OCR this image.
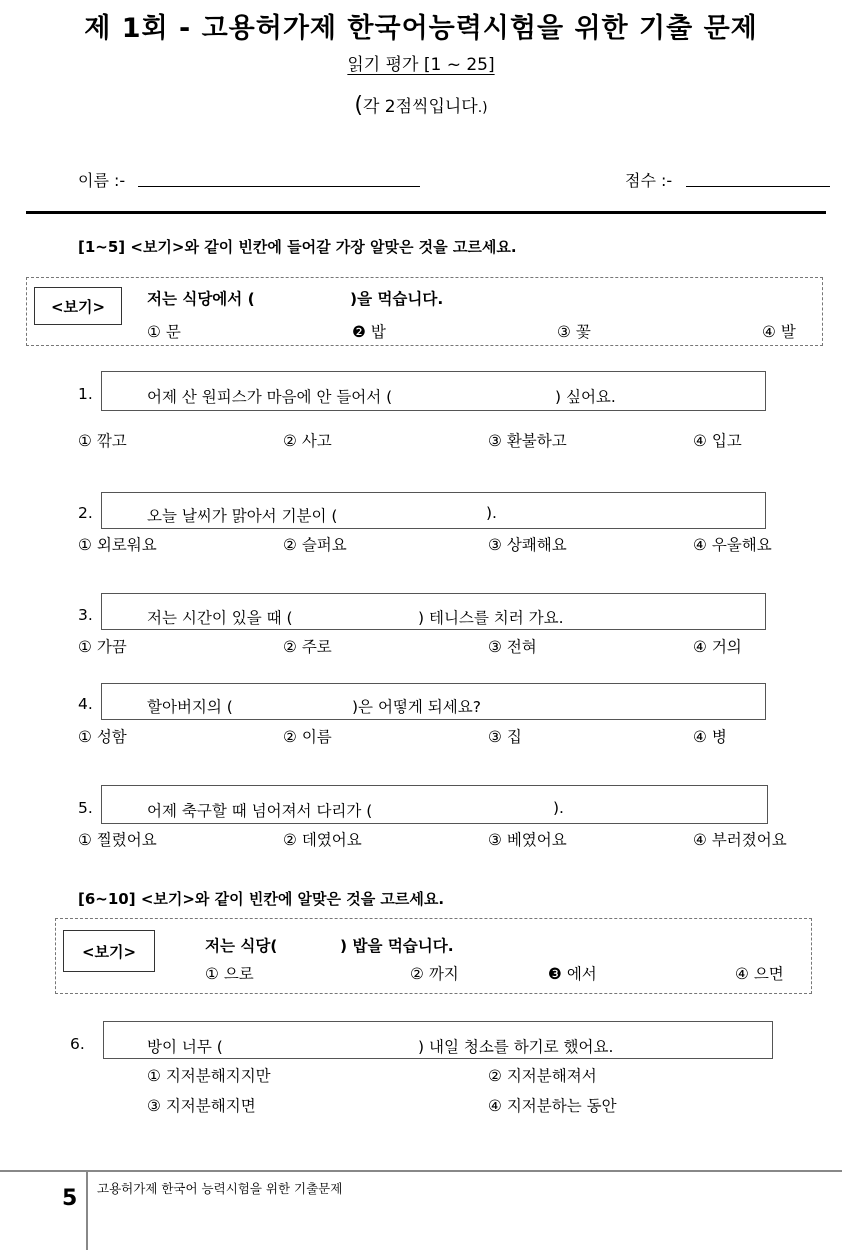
제 1회 - 고용허가제 한국어능력시험을 위한 기출 문제
읽기 평가 [1 ~ 25]
(각 2점씩입니다.)
이름 :-	점수 :-
[1~5] <보기>와 같이 빈칸에 들어갈 가장 알맞은 것을 고르세요.
<보기>	저는 식당에서 (	)을 먹습니다.
① 문	❷ 밥	③ 꽃	④ 발
1.	어제 산 원피스가 마음에 안 들어서 (	) 싶어요.
① 깎고	② 사고	③ 환불하고	④ 입고
2.	오늘 날씨가 맑아서 기분이 (	).
① 외로워요	② 슬퍼요	③ 상쾌해요	④ 우울해요
3.	저는 시간이 있을 때 (	) 테니스를 치러 가요.
① 가끔	② 주로	③ 전혀	④ 거의
4.	할아버지의 (	)은 어떻게 되세요?
① 성함	② 이름	③ 집	④ 병
5.	어제 축구할 때 넘어져서 다리가 (	).
① 찔렸어요	② 데였어요	③ 베였어요	④ 부러졌어요
[6~10] <보기>와 같이 빈칸에 알맞은 것을 고르세요.
<보기>	저는 식당(	) 밥을 먹습니다.
① 으로	② 까지	❸ 에서	④ 으면
6.	방이 너무 (	) 내일 청소를 하기로 했어요.
① 지저분해지지만	② 지저분해져서
③ 지저분해지면	④ 지저분하는 동안
5 고용허가제 한국어 능력시험을 위한 기출문제
